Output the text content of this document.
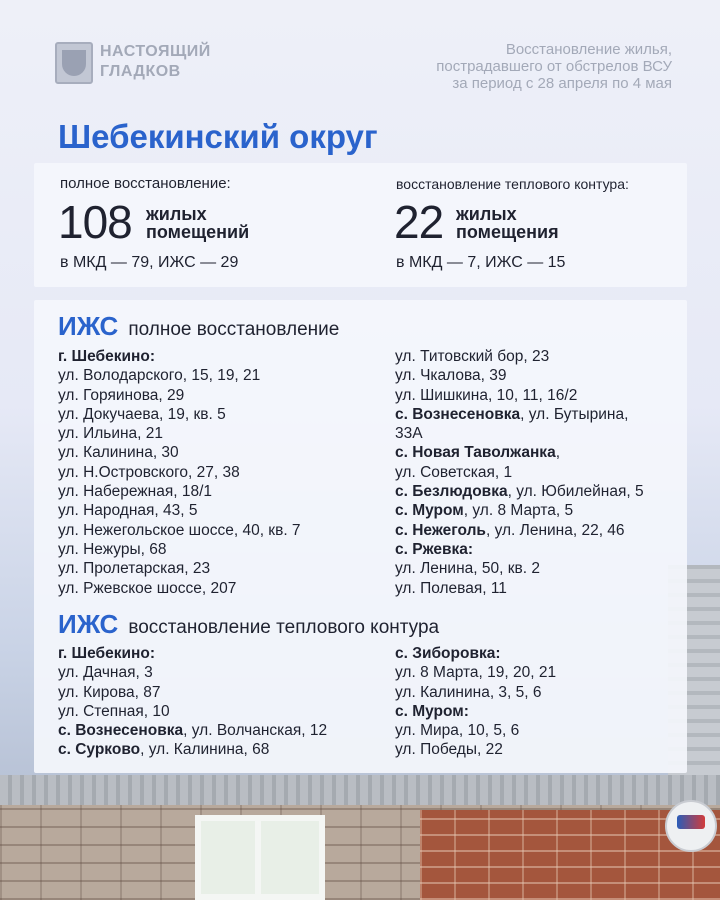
НАСТОЯЩИЙ
ГЛАДКОВ
Восстановление жилья,
пострадавшего от обстрелов ВСУ
за период с 28 апреля по 4 мая
Шебекинский округ
полное восстановление:
108 жилых
помещений
в МКД — 79, ИЖС — 29
восстановление теплового контура:
22 жилых
помещения
в МКД — 7, ИЖС — 15
ИЖС полное восстановление
г. Шебекино:
ул. Володарского, 15, 19, 21
ул. Горяинова, 29
ул. Докучаева, 19, кв. 5
ул. Ильина, 21
ул. Калинина, 30
ул. Н.Островского, 27, 38
ул. Набережная, 18/1
ул. Народная, 43, 5
ул. Нежегольское шоссе, 40, кв. 7
ул. Нежуры, 68
ул. Пролетарская, 23
ул. Ржевское шоссе, 207
ул. Титовский бор, 23
ул. Чкалова, 39
ул. Шишкина, 10, 11, 16/2
с. Вознесеновка, ул. Бутырина,
33А
с. Новая Таволжанка,
ул. Советская, 1
с. Безлюдовка, ул. Юбилейная, 5
с. Муром, ул. 8 Марта, 5
с. Нежеголь, ул. Ленина, 22, 46
с. Ржевка:
ул. Ленина, 50, кв. 2
ул. Полевая, 11
ИЖС восстановление теплового контура
г. Шебекино:
ул. Дачная, 3
ул. Кирова, 87
ул. Степная, 10
с. Вознесеновка, ул. Волчанская, 12
с. Сурково, ул. Калинина, 68
с. Зиборовка:
ул. 8 Марта, 19, 20, 21
ул. Калинина, 3, 5, 6
с. Муром:
ул. Мира, 10, 5, 6
ул. Победы, 22
